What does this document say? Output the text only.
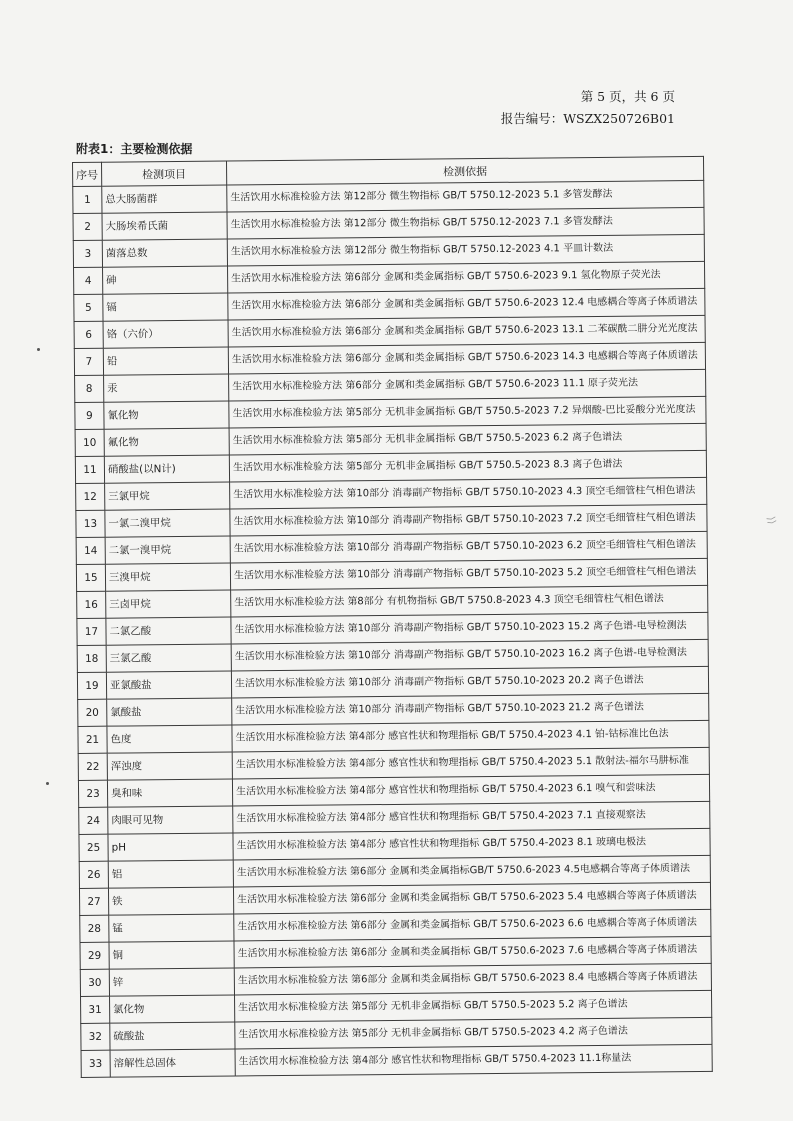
第 5 页，共 6 页
报告编号：WSZX250726B01
附表1：主要检测依据
序号	检测项目	检测依据
1	总大肠菌群	生活饮用水标准检验方法 第12部分 微生物指标 GB/T 5750.12-2023 5.1 多管发酵法
2	大肠埃希氏菌	生活饮用水标准检验方法 第12部分 微生物指标 GB/T 5750.12-2023 7.1 多管发酵法
3	菌落总数	生活饮用水标准检验方法 第12部分 微生物指标 GB/T 5750.12-2023 4.1 平皿计数法
4	砷	生活饮用水标准检验方法 第6部分 金属和类金属指标 GB/T 5750.6-2023 9.1 氢化物原子荧光法
5	镉	生活饮用水标准检验方法 第6部分 金属和类金属指标 GB/T 5750.6-2023 12.4 电感耦合等离子体质谱法
6	铬（六价）	生活饮用水标准检验方法 第6部分 金属和类金属指标 GB/T 5750.6-2023 13.1 二苯碳酰二肼分光光度法
7	铅	生活饮用水标准检验方法 第6部分 金属和类金属指标 GB/T 5750.6-2023 14.3 电感耦合等离子体质谱法
8	汞	生活饮用水标准检验方法 第6部分 金属和类金属指标 GB/T 5750.6-2023 11.1 原子荧光法
9	氰化物	生活饮用水标准检验方法 第5部分 无机非金属指标 GB/T 5750.5-2023 7.2 异烟酸-巴比妥酸分光光度法
10	氟化物	生活饮用水标准检验方法 第5部分 无机非金属指标 GB/T 5750.5-2023 6.2 离子色谱法
11	硝酸盐(以N计)	生活饮用水标准检验方法 第5部分 无机非金属指标 GB/T 5750.5-2023 8.3 离子色谱法
12	三氯甲烷	生活饮用水标准检验方法 第10部分 消毒副产物指标 GB/T 5750.10-2023 4.3 顶空毛细管柱气相色谱法
13	一氯二溴甲烷	生活饮用水标准检验方法 第10部分 消毒副产物指标 GB/T 5750.10-2023 7.2 顶空毛细管柱气相色谱法
14	二氯一溴甲烷	生活饮用水标准检验方法 第10部分 消毒副产物指标 GB/T 5750.10-2023 6.2 顶空毛细管柱气相色谱法
15	三溴甲烷	生活饮用水标准检验方法 第10部分 消毒副产物指标 GB/T 5750.10-2023 5.2 顶空毛细管柱气相色谱法
16	三卤甲烷	生活饮用水标准检验方法 第8部分 有机物指标 GB/T 5750.8-2023 4.3 顶空毛细管柱气相色谱法
17	二氯乙酸	生活饮用水标准检验方法 第10部分 消毒副产物指标 GB/T 5750.10-2023 15.2 离子色谱-电导检测法
18	三氯乙酸	生活饮用水标准检验方法 第10部分 消毒副产物指标 GB/T 5750.10-2023 16.2 离子色谱-电导检测法
19	亚氯酸盐	生活饮用水标准检验方法 第10部分 消毒副产物指标 GB/T 5750.10-2023 20.2 离子色谱法
20	氯酸盐	生活饮用水标准检验方法 第10部分 消毒副产物指标 GB/T 5750.10-2023 21.2 离子色谱法
21	色度	生活饮用水标准检验方法 第4部分 感官性状和物理指标 GB/T 5750.4-2023 4.1 铂-钴标准比色法
22	浑浊度	生活饮用水标准检验方法 第4部分 感官性状和物理指标 GB/T 5750.4-2023 5.1 散射法-福尔马肼标准
23	臭和味	生活饮用水标准检验方法 第4部分 感官性状和物理指标 GB/T 5750.4-2023 6.1 嗅气和尝味法
24	肉眼可见物	生活饮用水标准检验方法 第4部分 感官性状和物理指标 GB/T 5750.4-2023 7.1 直接观察法
25	pH	生活饮用水标准检验方法 第4部分 感官性状和物理指标 GB/T 5750.4-2023 8.1 玻璃电极法
26	铝	生活饮用水标准检验方法 第6部分 金属和类金属指标GB/T 5750.6-2023 4.5电感耦合等离子体质谱法
27	铁	生活饮用水标准检验方法 第6部分 金属和类金属指标 GB/T 5750.6-2023 5.4 电感耦合等离子体质谱法
28	锰	生活饮用水标准检验方法 第6部分 金属和类金属指标 GB/T 5750.6-2023 6.6 电感耦合等离子体质谱法
29	铜	生活饮用水标准检验方法 第6部分 金属和类金属指标 GB/T 5750.6-2023 7.6 电感耦合等离子体质谱法
30	锌	生活饮用水标准检验方法 第6部分 金属和类金属指标 GB/T 5750.6-2023 8.4 电感耦合等离子体质谱法
31	氯化物	生活饮用水标准检验方法 第5部分 无机非金属指标 GB/T 5750.5-2023 5.2 离子色谱法
32	硫酸盐	生活饮用水标准检验方法 第5部分 无机非金属指标 GB/T 5750.5-2023 4.2 离子色谱法
33	溶解性总固体	生活饮用水标准检验方法 第4部分 感官性状和物理指标 GB/T 5750.4-2023 11.1称量法
⟩⟩
